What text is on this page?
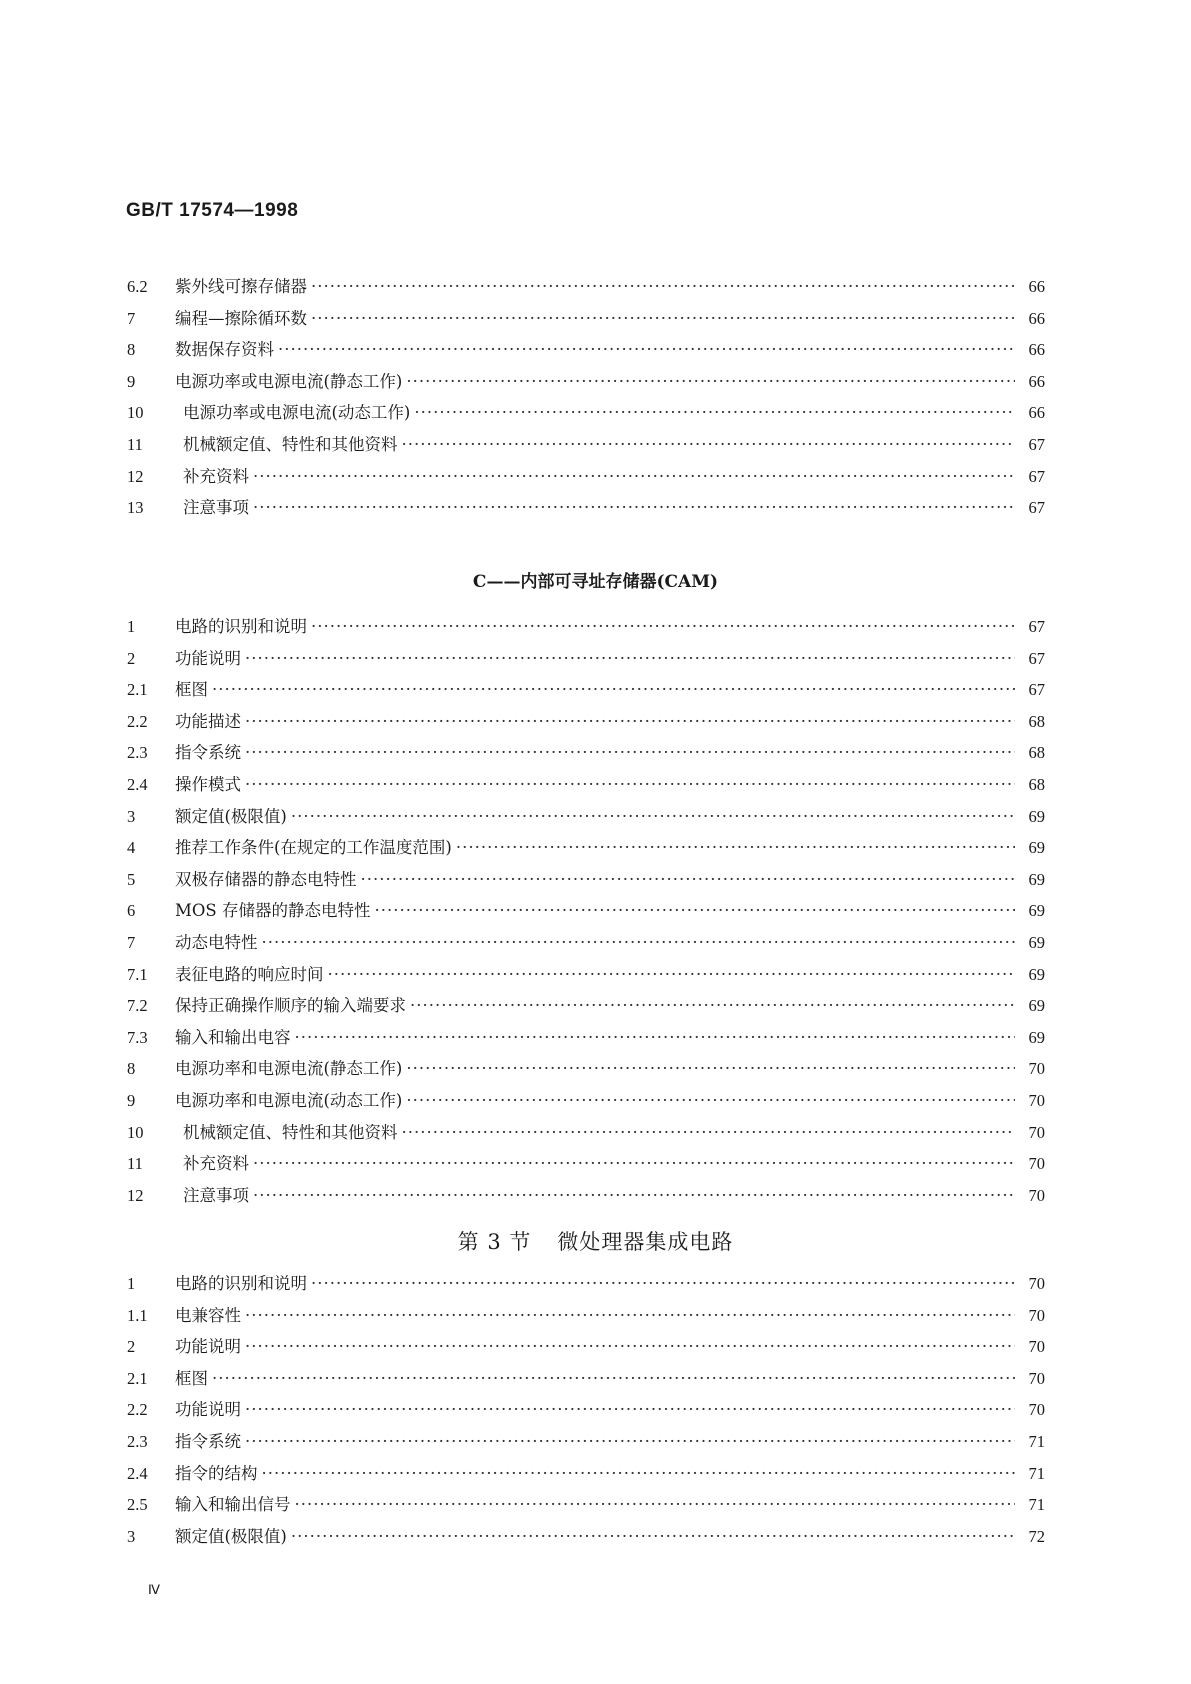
GB/T 17574—1998
6.2	紫外线可擦存储器 ·····	66
7	编程—擦除循环数 ·····	66
8	数据保存资料 ·····	66
9	电源功率或电源电流(静态工作) ·····	66
10	电源功率或电源电流(动态工作) ·····	66
11	机械额定值、特性和其他资料 ·····	67
12	补充资料 ·····	67
13	注意事项 ·····	67
C——内部可寻址存储器(CAM)
1	电路的识别和说明 ·····	67
2	功能说明 ·····	67
2.1	框图 ·····	67
2.2	功能描述 ·····	68
2.3	指令系统 ·····	68
2.4	操作模式 ·····	68
3	额定值(极限值) ·····	69
4	推荐工作条件(在规定的工作温度范围) ·····	69
5	双极存储器的静态电特性 ·····	69
6	MOS 存储器的静态电特性 ·····	69
7	动态电特性 ·····	69
7.1	表征电路的响应时间 ·····	69
7.2	保持正确操作顺序的输入端要求 ·····	69
7.3	输入和输出电容 ·····	69
8	电源功率和电源电流(静态工作) ·····	70
9	电源功率和电源电流(动态工作) ·····	70
10	机械额定值、特性和其他资料 ·····	70
11	补充资料 ·····	70
12	注意事项 ·····	70
第 3 节 微处理器集成电路
1	电路的识别和说明 ·····	70
1.1	电兼容性 ·····	70
2	功能说明 ·····	70
2.1	框图 ·····	70
2.2	功能说明 ·····	70
2.3	指令系统 ·····	71
2.4	指令的结构 ·····	71
2.5	输入和输出信号 ·····	71
3	额定值(极限值) ·····	72
Ⅳ
